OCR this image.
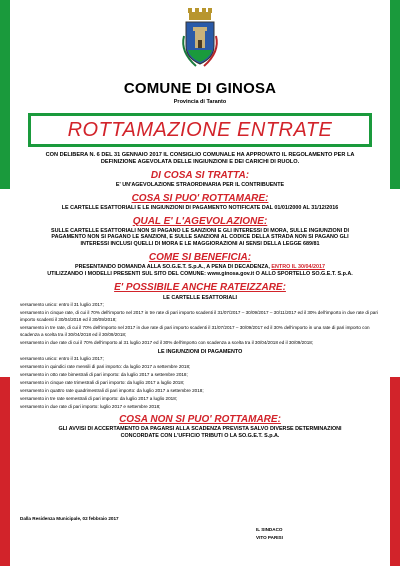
COMUNE DI GINOSA
Provincia di Taranto
ROTTAMAZIONE ENTRATE
CON DELIBERA N. 6 DEL 31 GENNAIO 2017 IL CONSIGLIO COMUNALE HA APPROVATO IL REGOLAMENTO PER LA
DEFINIZIONE AGEVOLATA DELLE INGIUNZIONI E DEI CARICHI DI RUOLO.
DI COSA SI TRATTA:
E' UN'AGEVOLAZIONE STRAORDINARIA PER IL CONTRIBUENTE
COSA SI PUO' ROTTAMARE:
LE CARTELLE ESATTORIALI E LE INGIUNZIONI DI PAGAMENTO NOTIFICATE DAL 01/01/2000 AL 31/12/2016
QUAL E' L'AGEVOLAZIONE:
SULLE CARTELLE ESATTORIALI NON SI PAGANO LE SANZIONI E GLI INTERESSI DI MORA, SULLE INGIUNZIONI DI
PAGAMENTO NON SI PAGANO LE SANZIONI, E SULLE SANZIONI AL CODICE DELLA STRADA NON SI PAGANO GLI
INTERESSI INCLUSI QUELLI DI MORA E LE MAGGIORAZIONI AI SENSI DELLA LEGGE 689/81
COME SI BENEFICIA:
PRESENTANDO DOMANDA ALLA SO.G.E.T. S.p.A., A PENA DI DECADENZA, ENTRO IL 30/04/2017
UTILIZZANDO I MODELLI PRESENTI SUL SITO DEL COMUNE: www.ginosa.gov.it O ALLO SPORTELLO SO.G.E.T. S.p.A.
E' POSSIBILE ANCHE RATEIZZARE:
LE CARTELLE ESATTORIALI
versamento unico: entro il 31 luglio 2017;
versamento in cinque rate, di cui il 70% dell'importo nel 2017 in tre rate di pari importo scadenti il 31/07/2017 – 30/09/2017 – 30/11/2017 ed il 30% dell'importo in due rate di pari importo scadenti il 30/04/2018 ed il 30/09/2018;
versamento in tre rate, di cui il 70% dell'importo nel 2017 in due rate di pari importo scadenti il 31/07/2017 – 30/09/2017 ed il 30% dell'importo in una rate di pari importo con scadenza a scelta tra il 30/04/2018 ed il 30/09/2018;
versamento in due rate di cui il 70% dell'importo al 31 luglio 2017 ed il 30% dell'importo con scadenza a scelta tra il 30/04/2018 ed il 30/09/2018;
LE INGIUNZIONI DI PAGAMENTO
versamento unico: entro il 31 luglio 2017;
versamento in quindici rate mensili di pari importo: da luglio 2017 a settembre 2018;
versamento in otto rate bimestrali di pari importo: da luglio 2017 a settembre 2018;
versamento in cinque rate trimestrali di pari importo: da luglio 2017 a luglio 2018;
versamento in quattro rate quadrimestrali di pari importo: da luglio 2017 a settembre 2018;
versamento in tre rate semestrali di pari importo: da luglio 2017 a luglio 2018;
versamento in due rate di pari importo: luglio 2017 e settembre 2018;
COSA NON SI PUO' ROTTAMARE:
GLI AVVISI DI ACCERTAMENTO DA PAGARSI ALLA SCADENZA PREVISTA SALVO DIVERSE DETERMINAZIONI
CONCORDATE CON L'UFFICIO TRIBUTI O LA SO.G.E.T. S.p.A.
Dalla Residenza Municipale, 02 febbraio 2017
IL SINDACO
VITO PARISI
